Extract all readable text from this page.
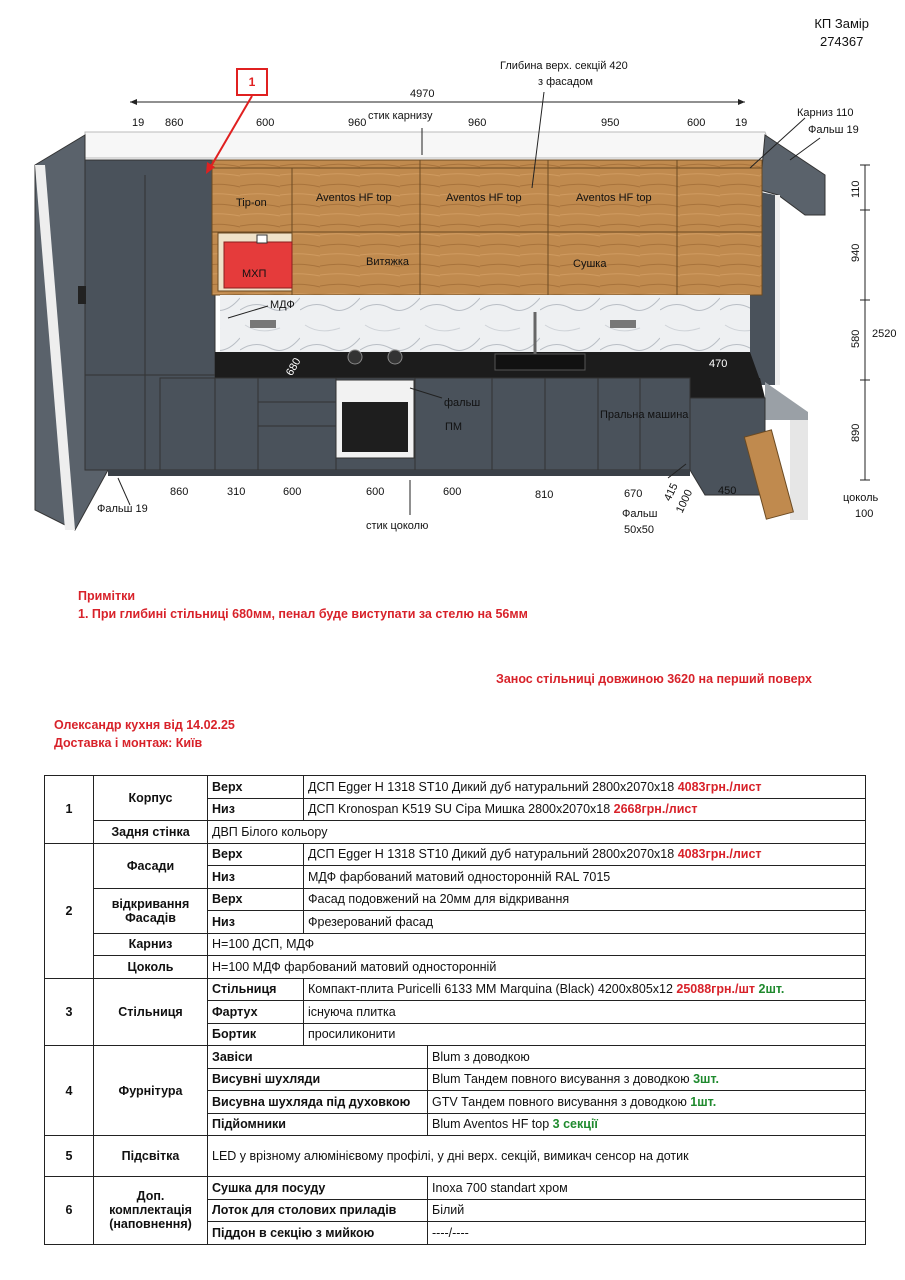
КП Замір
274367
1
Глибина верх. секцій 420
з фасадом
4970
19 860	600	960	960	950	600	19
стик карнизу	Карниз 110
Фальш 19
110
940
580
890
2520
Tip-on	Aventos HF top	Aventos HF top	Aventos HF top
Витяжка	Сушка
МХП
МДФ
680	470
фальш
ПМ
Пральна машина
860	310	600	600	600	810	670 415
1000 450
Фальш 19
стик цоколю
Фальш
50x50
цоколь
100
Примітки
1. При глибині стільниці 680мм, пенал буде виступати за стелю на 56мм
Занос стільниці довжиною 3620 на перший поверх
Олександр кухня від 14.02.25
Доставка і монтаж: Київ
1	Корпус	Верх	ДСП Egger H 1318 ST10 Дикий дуб натуральний 2800x2070x18 4083грн./лист	
		Низ	ДСП Kronospan K519 SU Сіра Мишка 2800x2070x18 2668грн./лист	
	Задня стінка	ДВП Білого кольору		
2	Фасади	Верх	ДСП Egger H 1318 ST10 Дикий дуб натуральний 2800x2070x18 4083грн./лист	
		Низ	МДФ фарбований матовий односторонній RAL 7015	
	відкривання Фасадів	Верх	Фасад подовжений на 20мм для відкривання	
		Низ	Фрезерований фасад	
	Карниз	H=100 ДСП, МДФ		
	Цоколь	H=100 МДФ фарбований матовий односторонній		
3	Стільниця	Стільниця	Компакт-плита Puricelli 6133 MM Marquina (Black) 4200x805x12 25088грн./шт 2шт.	
		Фартух	існуюча плитка	
		Бортик	просиликонити	
4	Фурнітура	Завіси		Blum з доводкою
		Висувні шухляди		Blum Тандем повного висування з доводкою 3шт.
		Висувна шухляда під духовкою		GTV Тандем повного висування з доводкою 1шт.
		Підйомники		Blum Aventos HF top 3 секції
5	Підсвітка	LED у врізному алюмінієвому профілі, у дні верх. секцій, вимикач сенсор на дотик		
6	Доп. комплектація (наповнення)	Сушка для посуду		Inoxa 700 standart хром
		Лоток для столових приладів		Білий
		Піддон в секцію з мийкою		----/----
